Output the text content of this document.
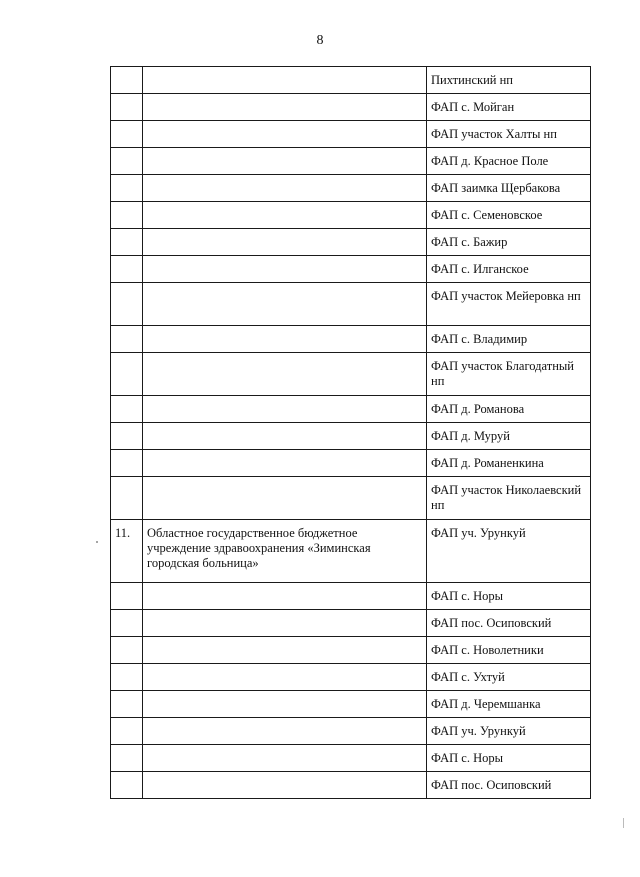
8
		Пихтинский нп
		ФАП с. Мойган
		ФАП участок Халты нп
		ФАП д. Красное Поле
		ФАП заимка Щербакова
		ФАП с. Семеновское
		ФАП с. Бажир
		ФАП с. Илганское
		ФАП участок Мейеровка нп
		ФАП с. Владимир
		ФАП участок Благодатный нп
		ФАП д. Романова
		ФАП д. Муруй
		ФАП д. Романенкина
		ФАП участок Николаевский нп
11.	Областное государственное бюджетное учреждение здравоохранения «Зиминская городская больница»	ФАП уч. Урункуй
		ФАП с. Норы
		ФАП пос. Осиповский
		ФАП с. Новолетники
		ФАП с. Ухтуй
		ФАП д. Черемшанка
		ФАП уч. Урункуй
		ФАП с. Норы
		ФАП пос. Осиповский
